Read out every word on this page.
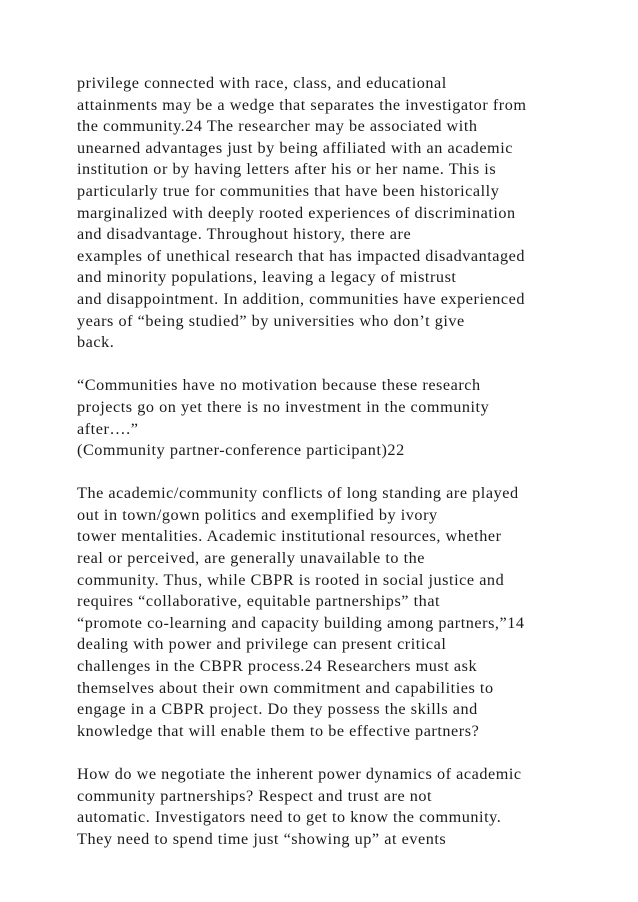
privilege connected with race, class, and educational
attainments may be a wedge that separates the investigator from
the community.24 The researcher may be associated with
unearned advantages just by being affiliated with an academic
institution or by having letters after his or her name. This is
particularly true for communities that have been historically
marginalized with deeply rooted experiences of discrimination
and disadvantage. Throughout history, there are
examples of unethical research that has impacted disadvantaged
and minority populations, leaving a legacy of mistrust
and disappointment. In addition, communities have experienced
years of “being studied” by universities who don’t give
back.
“Communities have no motivation because these research
projects go on yet there is no investment in the community
after….”
(Community partner-conference participant)22
The academic/community conflicts of long standing are played
out in town/gown politics and exemplified by ivory
tower mentalities. Academic institutional resources, whether
real or perceived, are generally unavailable to the
community. Thus, while CBPR is rooted in social justice and
requires “collaborative, equitable partnerships” that
“promote co-learning and capacity building among partners,”14
dealing with power and privilege can present critical
challenges in the CBPR process.24 Researchers must ask
themselves about their own commitment and capabilities to
engage in a CBPR project. Do they possess the skills and
knowledge that will enable them to be effective partners?
How do we negotiate the inherent power dynamics of academic
community partnerships? Respect and trust are not
automatic. Investigators need to get to know the community.
They need to spend time just “showing up” at events
